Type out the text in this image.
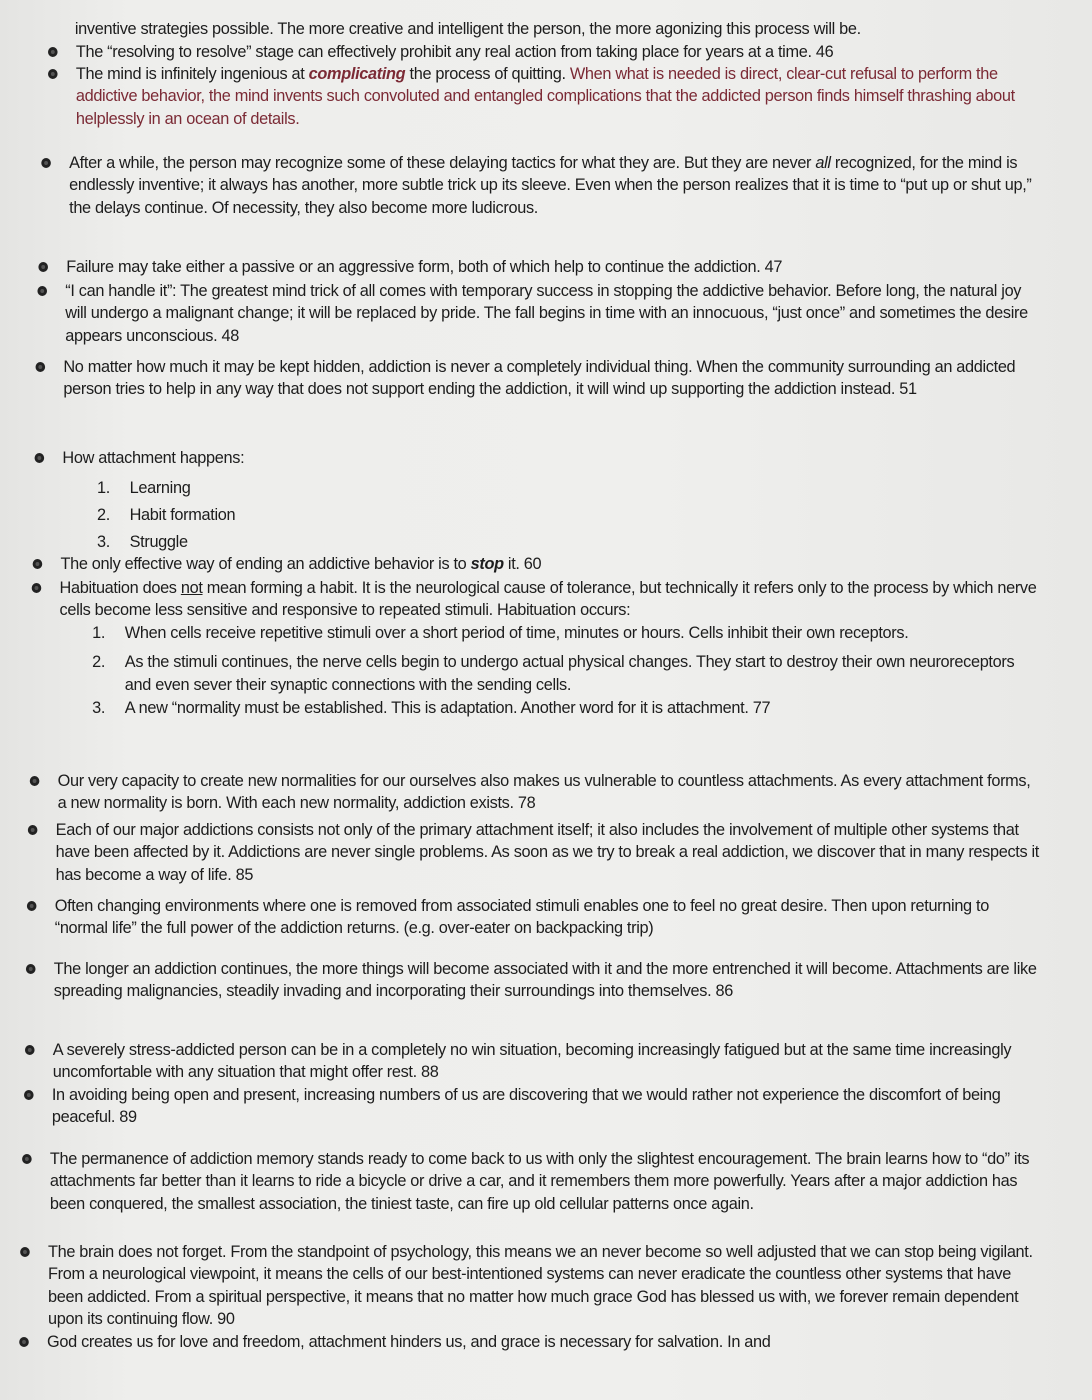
inventive strategies possible. The more creative and intelligent the person, the more agonizing this process will be.
The “resolving to resolve” stage can effectively prohibit any real action from taking place for years at a time. 46
The mind is infinitely ingenious at complicating the process of quitting. When what is needed is direct, clear-cut refusal to perform the addictive behavior, the mind invents such convoluted and entangled complications that the addicted person finds himself thrashing about helplessly in an ocean of details.
After a while, the person may recognize some of these delaying tactics for what they are. But they are never all recognized, for the mind is endlessly inventive; it always has another, more subtle trick up its sleeve. Even when the person realizes that it is time to “put up or shut up,” the delays continue. Of necessity, they also become more ludicrous.
Failure may take either a passive or an aggressive form, both of which help to continue the addiction. 47
“I can handle it”: The greatest mind trick of all comes with temporary success in stopping the addictive behavior. Before long, the natural joy will undergo a malignant change; it will be replaced by pride. The fall begins in time with an innocuous, “just once” and sometimes the desire appears unconscious. 48
No matter how much it may be kept hidden, addiction is never a completely individual thing. When the community surrounding an addicted person tries to help in any way that does not support ending the addiction, it will wind up supporting the addiction instead. 51
How attachment happens:
1. Learning
2. Habit formation
3. Struggle
The only effective way of ending an addictive behavior is to stop it. 60
Habituation does not mean forming a habit. It is the neurological cause of tolerance, but technically it refers only to the process by which nerve cells become less sensitive and responsive to repeated stimuli. Habituation occurs:
1. When cells receive repetitive stimuli over a short period of time, minutes or hours. Cells inhibit their own receptors.
2. As the stimuli continues, the nerve cells begin to undergo actual physical changes. They start to destroy their own neuroreceptors and even sever their synaptic connections with the sending cells.
3. A new “normality must be established. This is adaptation. Another word for it is attachment. 77
Our very capacity to create new normalities for our ourselves also makes us vulnerable to countless attachments. As every attachment forms, a new normality is born. With each new normality, addiction exists. 78
Each of our major addictions consists not only of the primary attachment itself; it also includes the involvement of multiple other systems that have been affected by it. Addictions are never single problems. As soon as we try to break a real addiction, we discover that in many respects it has become a way of life. 85
Often changing environments where one is removed from associated stimuli enables one to feel no great desire. Then upon returning to “normal life” the full power of the addiction returns. (e.g. over-eater on backpacking trip)
The longer an addiction continues, the more things will become associated with it and the more entrenched it will become. Attachments are like spreading malignancies, steadily invading and incorporating their surroundings into themselves. 86
A severely stress-addicted person can be in a completely no win situation, becoming increasingly fatigued but at the same time increasingly uncomfortable with any situation that might offer rest. 88
In avoiding being open and present, increasing numbers of us are discovering that we would rather not experience the discomfort of being peaceful. 89
The permanence of addiction memory stands ready to come back to us with only the slightest encouragement. The brain learns how to “do” its attachments far better than it learns to ride a bicycle or drive a car, and it remembers them more powerfully. Years after a major addiction has been conquered, the smallest association, the tiniest taste, can fire up old cellular patterns once again.
The brain does not forget. From the standpoint of psychology, this means we an never become so well adjusted that we can stop being vigilant. From a neurological viewpoint, it means the cells of our best-intentioned systems can never eradicate the countless other systems that have been addicted. From a spiritual perspective, it means that no matter how much grace God has blessed us with, we forever remain dependent upon its continuing flow. 90
God creates us for love and freedom, attachment hinders us, and grace is necessary for salvation. In and
